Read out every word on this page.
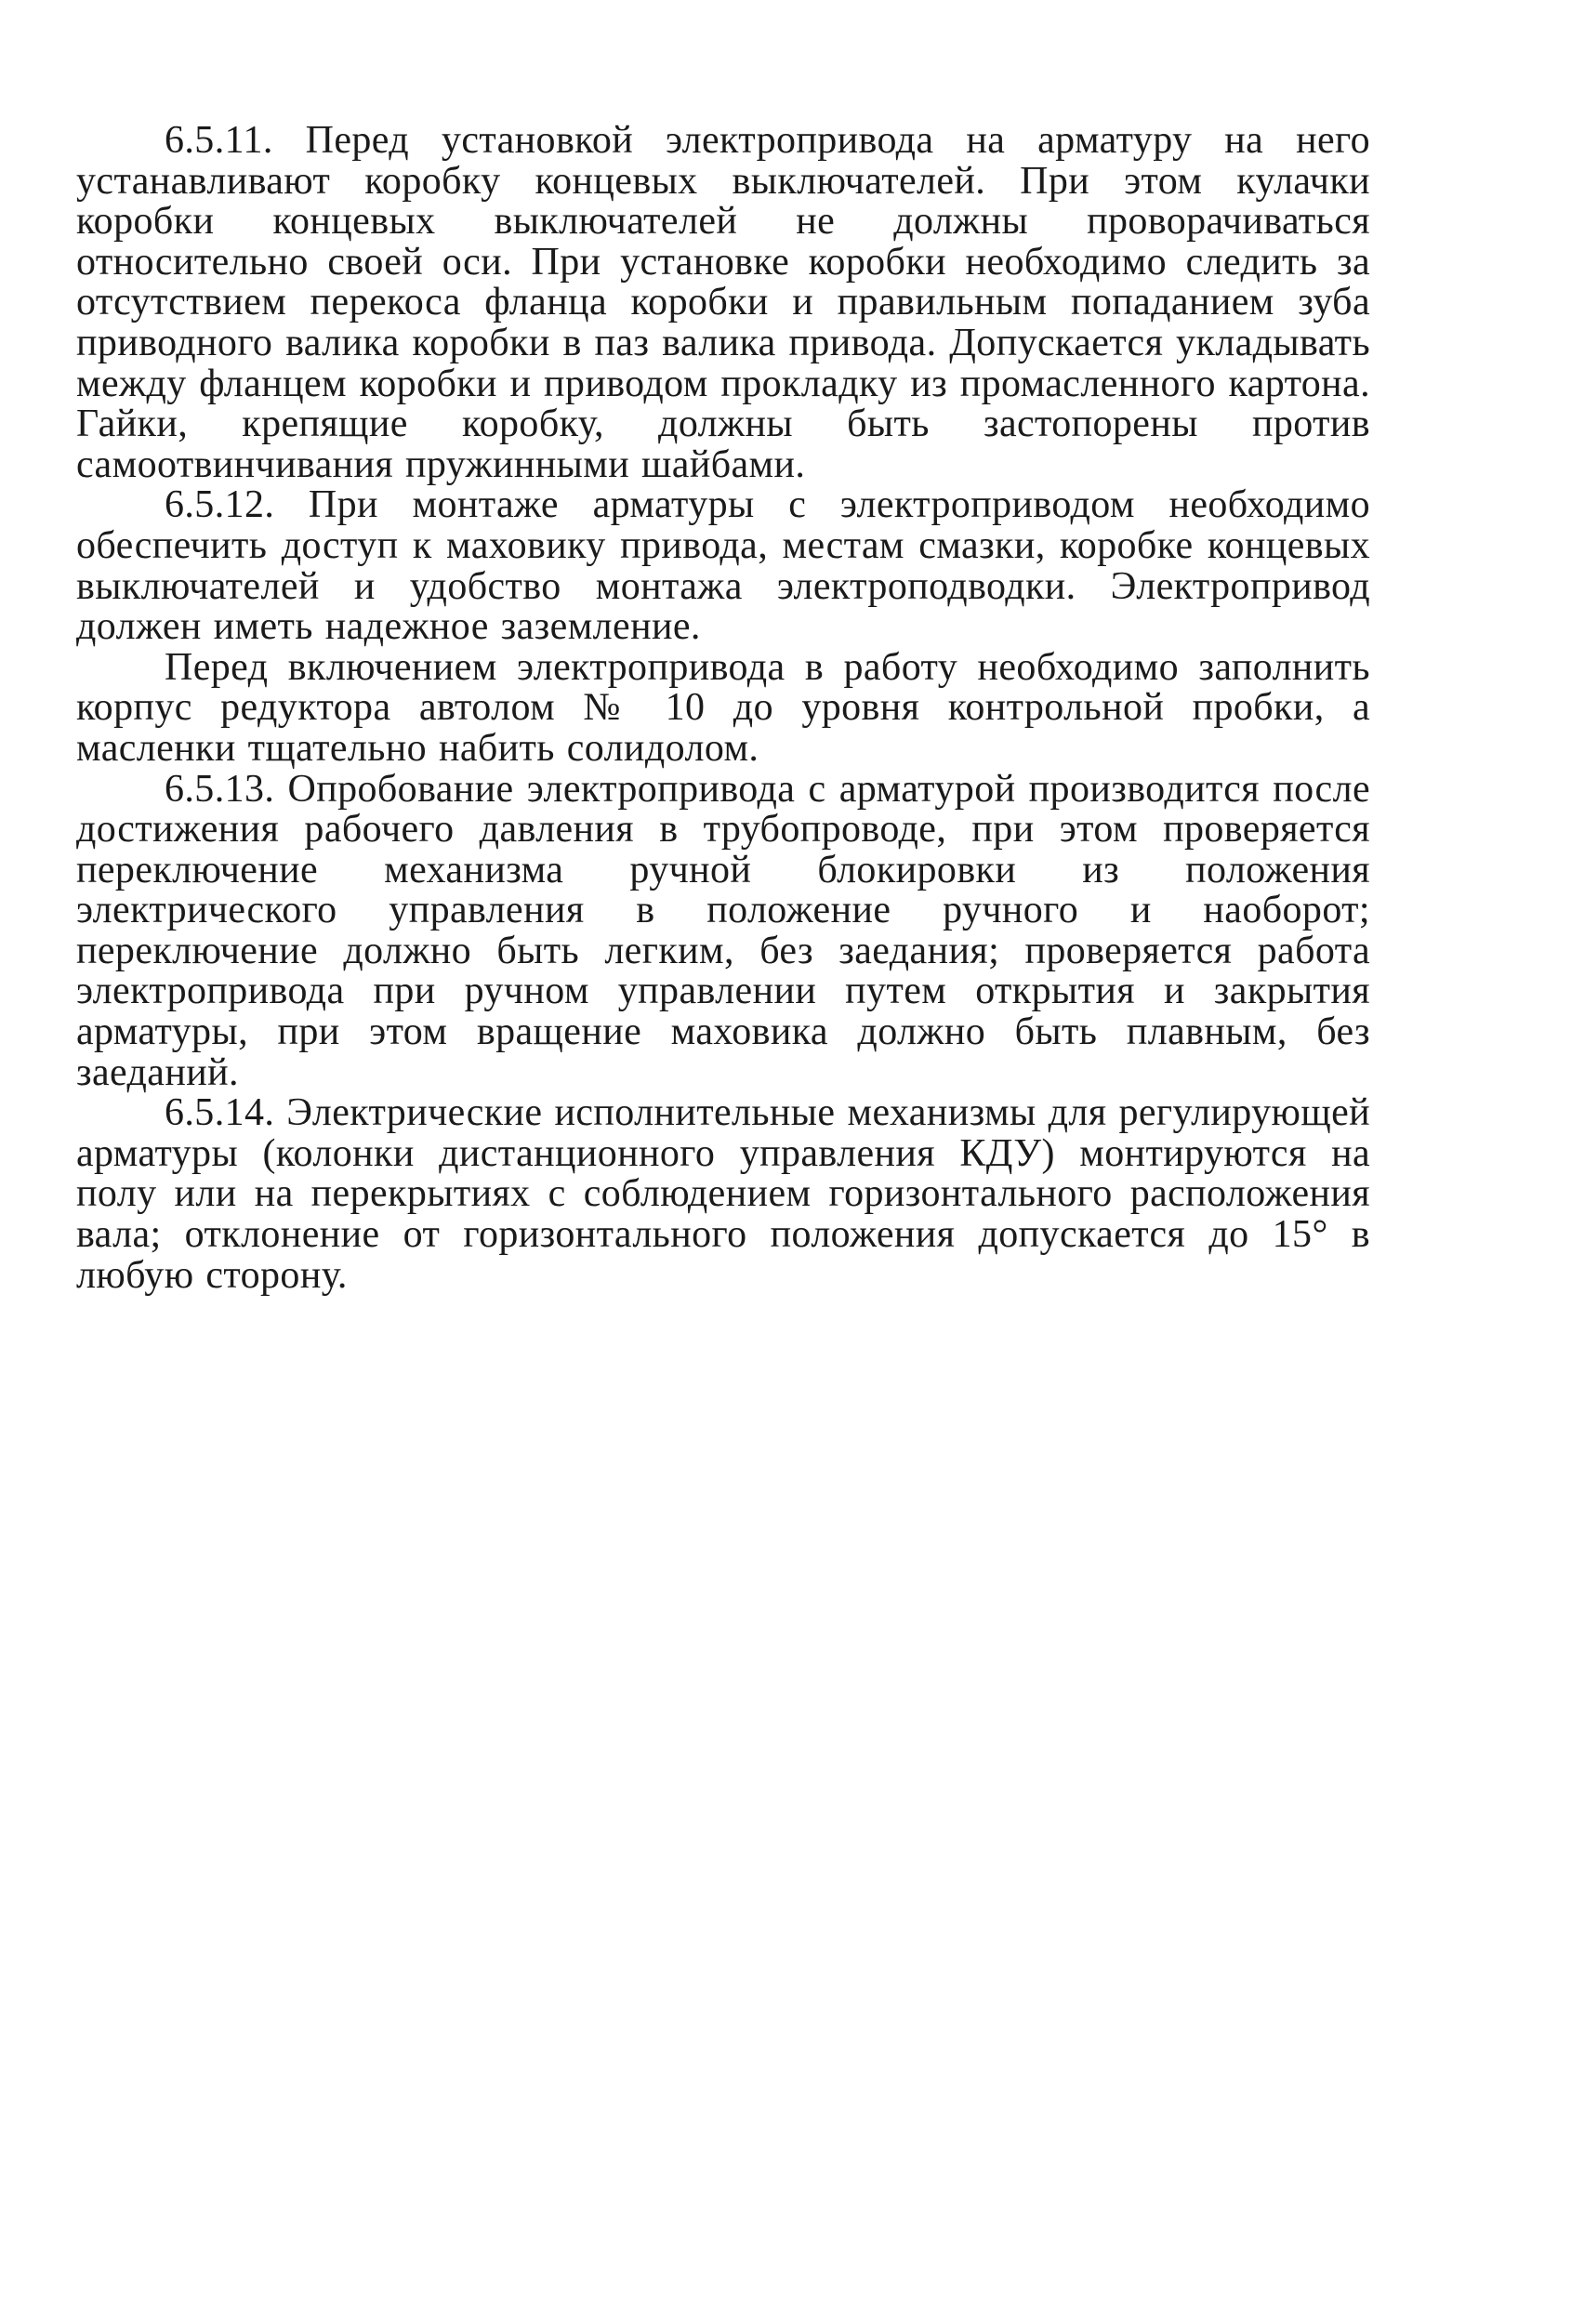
6.5.11. Перед установкой электропривода на арматуру на него устанавливают коробку концевых выключателей. При этом кулачки коробки концевых выключателей не должны проворачиваться относительно своей оси. При установке коробки необходимо следить за отсутствием перекоса фланца коробки и правильным попаданием зуба приводного валика коробки в паз валика привода. Допускается укладывать между фланцем коробки и приводом прокладку из промасленного картона. Гайки, крепящие коробку, должны быть застопорены против самоотвинчивания пружинными шайбами.

6.5.12. При монтаже арматуры с электроприводом необходимо обеспечить доступ к маховику привода, местам смазки, коробке концевых выключателей и удобство монтажа электроподводки. Электропривод должен иметь надежное заземление.

Перед включением электропривода в работу необходимо заполнить корпус редуктора автолом № 10 до уровня контрольной пробки, а масленки тщательно набить солидолом.

6.5.13. Опробование электропривода с арматурой производится после достижения рабочего давления в трубопроводе, при этом проверяется переключение механизма ручной блокировки из положения электрического управления в положение ручного и наоборот; переключение должно быть легким, без заедания; проверяется работа электропривода при ручном управлении путем открытия и закрытия арматуры, при этом вращение маховика должно быть плавным, без заеданий.

6.5.14. Электрические исполнительные механизмы для регулирующей арматуры (колонки дистанционного управления КДУ) монтируются на полу или на перекрытиях с соблюдением горизонтального расположения вала; отклонение от горизонтального положения допускается до 15° в любую сторону.
